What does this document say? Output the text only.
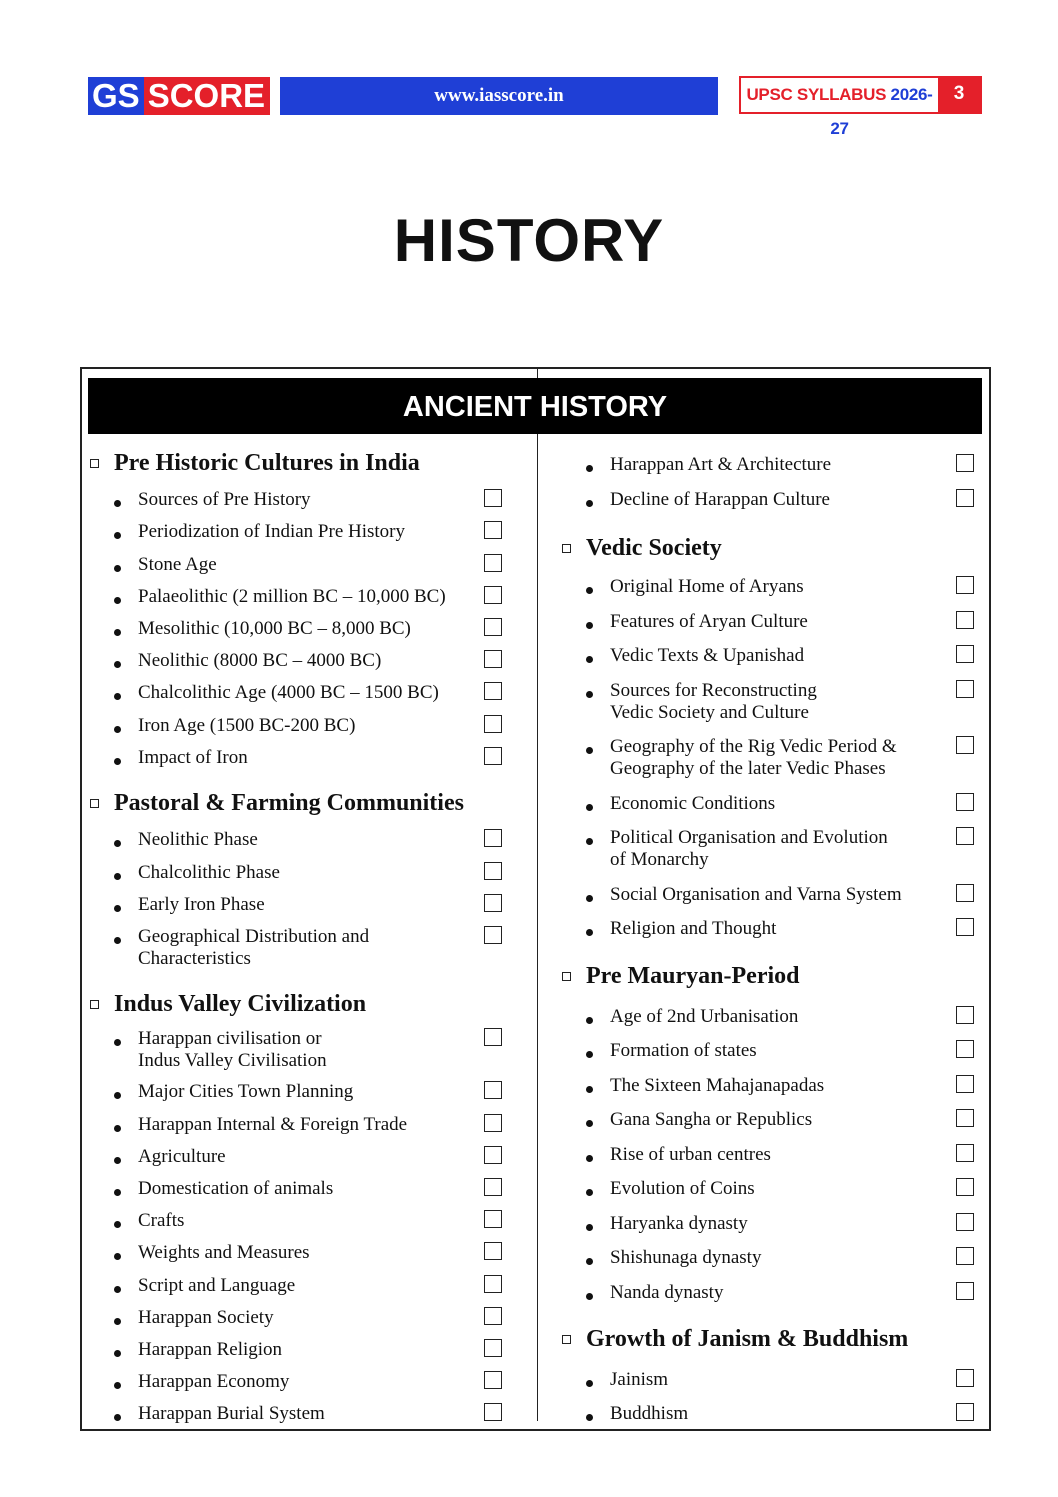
GS SCORE	www.iasscore.in	UPSC SYLLABUS 2026-27
3
HISTORY
ANCIENT HISTORY
Pre Historic Cultures in India
Sources of Pre History
Periodization of Indian Pre History
Stone Age
Palaeolithic (2 million BC – 10,000 BC)
Mesolithic (10,000 BC – 8,000 BC)
Neolithic (8000 BC – 4000 BC)
Chalcolithic Age (4000 BC – 1500 BC)
Iron Age (1500 BC-200 BC)
Impact of Iron
Pastoral & Farming Communities
Neolithic Phase
Chalcolithic Phase
Early Iron Phase
Geographical Distribution and
Characteristics
Indus Valley Civilization
Harappan civilisation or
Indus Valley Civilisation
Major Cities Town Planning
Harappan Internal & Foreign Trade
Agriculture
Domestication of animals
Crafts
Weights and Measures
Script and Language
Harappan Society
Harappan Religion
Harappan Economy
Harappan Burial System
Harappan Art & Architecture
Decline of Harappan Culture
Vedic Society
Original Home of Aryans
Features of Aryan Culture
Vedic Texts & Upanishad
Sources for Reconstructing
Vedic Society and Culture
Geography of the Rig Vedic Period &
Geography of the later Vedic Phases
Economic Conditions
Political Organisation and Evolution
of Monarchy
Social Organisation and Varna System
Religion and Thought
Pre Mauryan-Period
Age of 2nd Urbanisation
Formation of states
The Sixteen Mahajanapadas
Gana Sangha or Republics
Rise of urban centres
Evolution of Coins
Haryanka dynasty
Shishunaga dynasty
Nanda dynasty
Growth of Janism & Buddhism
Jainism
Buddhism
